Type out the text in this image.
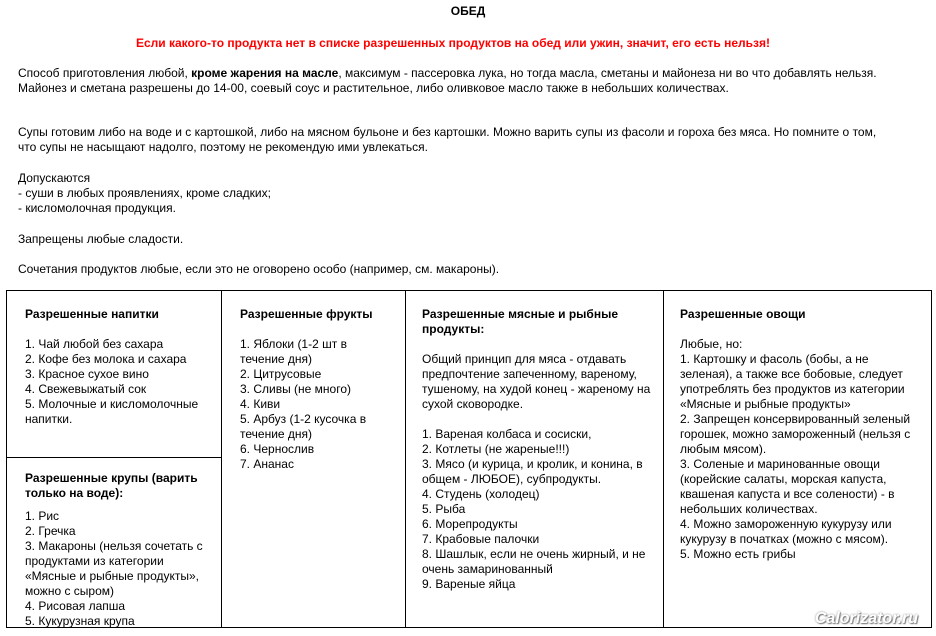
ОБЕД
Если какого-то продукта нет в списке разрешенных продуктов на обед или ужин, значит, его есть нельзя!

Способ приготовления любой, кроме жарения на масле, максимум - пассеровка лука, но тогда масла, сметаны и майонеза ни во что добавлять нельзя. Майонез и сметана разрешены до 14-00, соевый соус и растительное, либо оливковое масло также в небольших количествах.

Супы готовим либо на воде и с картошкой, либо на мясном бульоне и без картошки. Можно варить супы из фасоли и гороха без мяса. Но помните о том, что супы не насыщают надолго, поэтому не рекомендую ими увлекаться.

Допускаются
- суши в любых проявлениях, кроме сладких;
- кисломолочная продукция.

Запрещены любые сладости.

Сочетания продуктов любые, если это не оговорено особо (например, см. макароны).

Разрешенные напитки
1. Чай любой без сахара
2. Кофе без молока и сахара
3. Красное сухое вино
4. Свежевыжатый сок
5. Молочные и кисломолочные напитки.
Разрешенные крупы (варить только на воде):
1. Рис
2. Гречка
3. Макароны (нельзя сочетать с продуктами из категории «Мясные и рыбные продукты», можно с сыром)
4. Рисовая лапша
5. Кукурузная крупа
Разрешенные фрукты
1. Яблоки (1-2 шт в течение дня)
2. Цитрусовые
3. Сливы (не много)
4. Киви
5. Арбуз (1-2 кусочка в течение дня)
6. Чернослив
7. Ананас
Разрешенные мясные и рыбные продукты:

Общий принцип для мяса - отдавать предпочтение запеченному, вареному, тушеному, на худой конец - жареному на сухой сковородке.

1. Вареная колбаса и сосиски,
2. Котлеты (не жареные!!!)
3. Мясо (и курица, и кролик, и конина, в общем - ЛЮБОЕ), субпродукты.
4. Студень (холодец)
5. Рыба
6. Морепродукты
7. Крабовые палочки
8. Шашлык, если не очень жирный, и не очень замаринованный
9. Вареные яйца
Разрешенные овощи

Любые, но:

1. Картошку и фасоль (бобы, а не зеленая), а также все бобовые, следует употреблять без продуктов из категории «Мясные и рыбные продукты»
2. Запрещен консервированный зеленый горошек, можно замороженный (нельзя с любым мясом).
3. Соленые и маринованные овощи (корейские салаты, морская капуста, квашеная капуста и все солености) - в небольших количествах.
4. Можно замороженную кукурузу или кукурузу в початках (можно с мясом).
5. Можно есть грибы
Calorizator.ru
